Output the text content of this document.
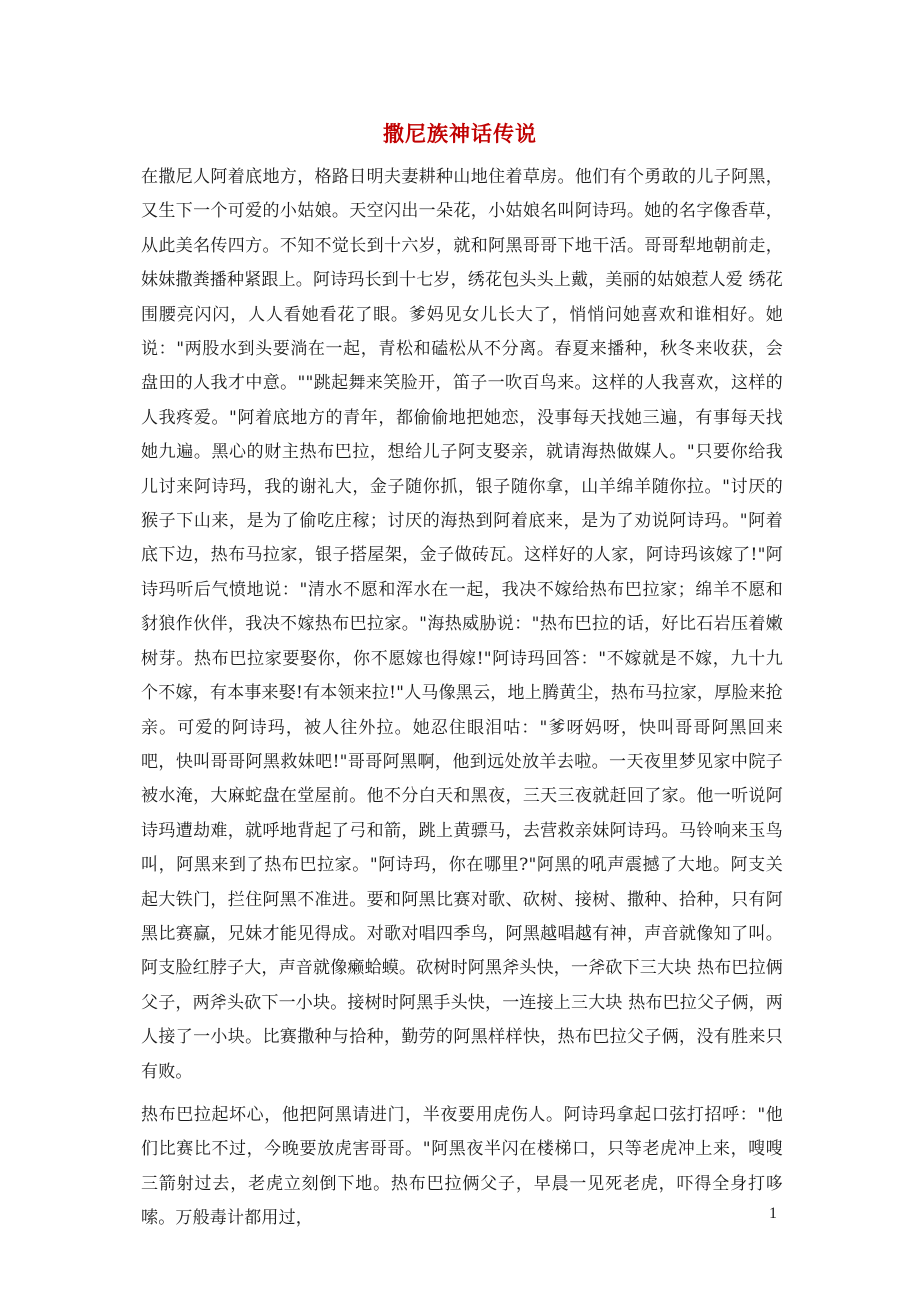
撒尼族神话传说

在撒尼人阿着底地方，格路日明夫妻耕种山地住着草房。他们有个勇敢的儿子阿黑，又生下一个可爱的小姑娘。天空闪出一朵花，小姑娘名叫阿诗玛。她的名字像香草，从此美名传四方。不知不觉长到十六岁，就和阿黑哥哥下地干活。哥哥犁地朝前走，妹妹撒粪播种紧跟上。阿诗玛长到十七岁，绣花包头头上戴，美丽的姑娘惹人爱 绣花围腰亮闪闪，人人看她看花了眼。爹妈见女儿长大了，悄悄问她喜欢和谁相好。她说："两股水到头要淌在一起，青松和磕松从不分离。春夏来播种，秋冬来收获，会盘田的人我才中意。""跳起舞来笑脸开，笛子一吹百鸟来。这样的人我喜欢，这样的人我疼爱。"阿着底地方的青年，都偷偷地把她恋，没事每天找她三遍，有事每天找她九遍。黑心的财主热布巴拉，想给儿子阿支娶亲，就请海热做媒人。"只要你给我儿讨来阿诗玛，我的谢礼大，金子随你抓，银子随你拿，山羊绵羊随你拉。"讨厌的猴子下山来，是为了偷吃庄稼；讨厌的海热到阿着底来，是为了劝说阿诗玛。"阿着底下边，热布马拉家，银子搭屋架，金子做砖瓦。这样好的人家，阿诗玛该嫁了!"阿诗玛听后气愤地说："清水不愿和浑水在一起，我决不嫁给热布巴拉家；绵羊不愿和豺狼作伙伴，我决不嫁热布巴拉家。"海热威胁说："热布巴拉的话，好比石岩压着嫩树芽。热布巴拉家要娶你，你不愿嫁也得嫁!"阿诗玛回答："不嫁就是不嫁，九十九个不嫁，有本事来娶!有本领来拉!"人马像黑云，地上腾黄尘，热布马拉家，厚脸来抢亲。可爱的阿诗玛，被人往外拉。她忍住眼泪咕："爹呀妈呀，快叫哥哥阿黑回来吧，快叫哥哥阿黑救妹吧!"哥哥阿黑啊，他到远处放羊去啦。一天夜里梦见家中院子被水淹，大麻蛇盘在堂屋前。他不分白天和黑夜，三天三夜就赶回了家。他一听说阿诗玛遭劫难，就呼地背起了弓和箭，跳上黄骠马，去营救亲妹阿诗玛。马铃响来玉鸟叫，阿黑来到了热布巴拉家。"阿诗玛，你在哪里?"阿黑的吼声震撼了大地。阿支关起大铁门，拦住阿黑不准进。要和阿黑比赛对歌、砍树、接树、撒种、拾种，只有阿黑比赛赢，兄妹才能见得成。对歌对唱四季鸟，阿黑越唱越有神，声音就像知了叫。阿支脸红脖子大，声音就像癞蛤蟆。砍树时阿黑斧头快，一斧砍下三大块 热布巴拉俩父子，两斧头砍下一小块。接树时阿黑手头快，一连接上三大块 热布巴拉父子俩，两人接了一小块。比赛撒种与拾种，勤劳的阿黑样样快，热布巴拉父子俩，没有胜来只有败。

热布巴拉起坏心，他把阿黑请进门，半夜要用虎伤人。阿诗玛拿起口弦打招呼："他们比赛比不过，今晚要放虎害哥哥。"阿黑夜半闪在楼梯口，只等老虎冲上来，嗖嗖三箭射过去，老虎立刻倒下地。热布巴拉俩父子，早晨一见死老虎，吓得全身打哆嗦。万般毒计都用过，	1
